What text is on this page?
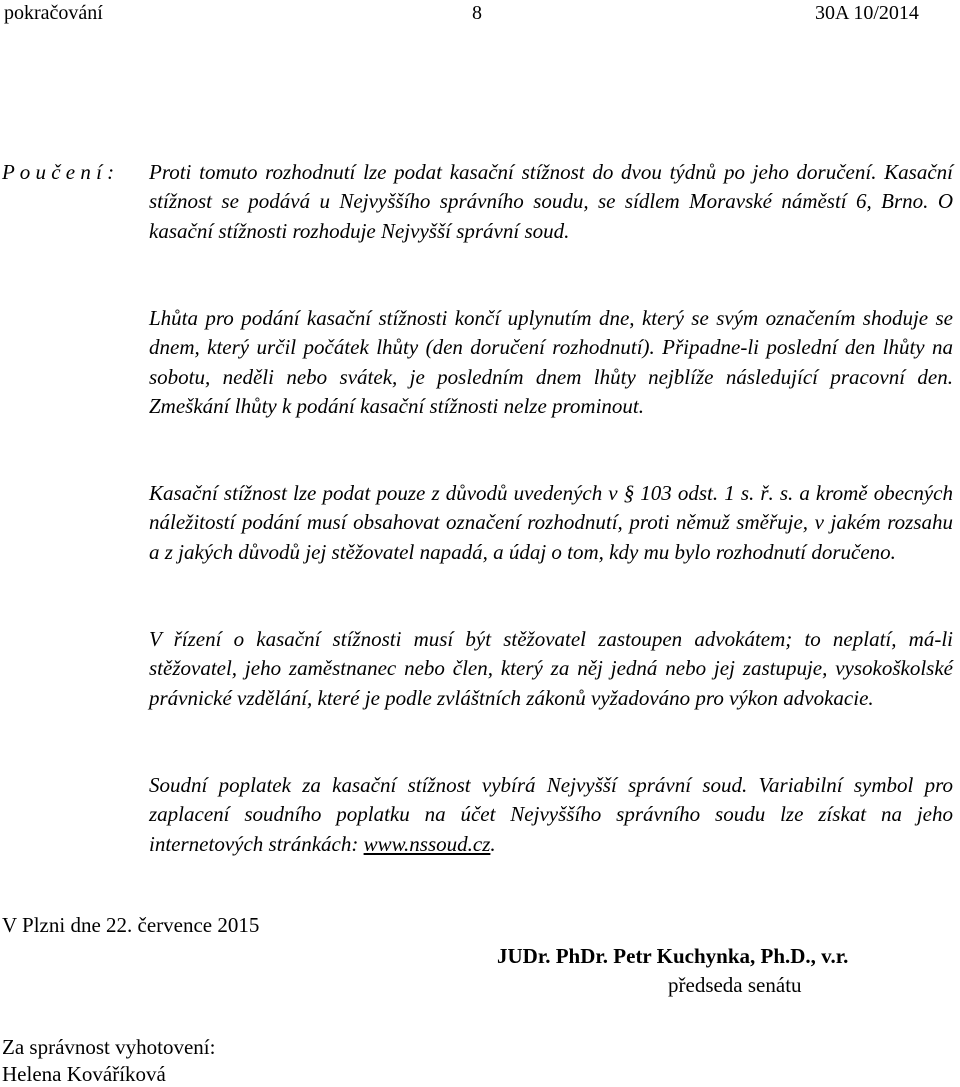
pokračování	8	30A 10/2014
P o u č e n í : Proti tomuto rozhodnutí lze podat kasační stížnost do dvou týdnů po jeho doručení. Kasační stížnost se podává u Nejvyššího správního soudu, se sídlem Moravské náměstí 6, Brno. O kasační stížnosti rozhoduje Nejvyšší správní soud.

Lhůta pro podání kasační stížnosti končí uplynutím dne, který se svým označením shoduje se dnem, který určil počátek lhůty (den doručení rozhodnutí). Připadne-li poslední den lhůty na sobotu, neděli nebo svátek, je posledním dnem lhůty nejblíže následující pracovní den. Zmeškání lhůty k podání kasační stížnosti nelze prominout.

Kasační stížnost lze podat pouze z důvodů uvedených v § 103 odst. 1 s. ř. s. a kromě obecných náležitostí podání musí obsahovat označení rozhodnutí, proti němuž směřuje, v jakém rozsahu a z jakých důvodů jej stěžovatel napadá, a údaj o tom, kdy mu bylo rozhodnutí doručeno.

V řízení o kasační stížnosti musí být stěžovatel zastoupen advokátem; to neplatí, má-li stěžovatel, jeho zaměstnanec nebo člen, který za něj jedná nebo jej zastupuje, vysokoškolské právnické vzdělání, které je podle zvláštních zákonů vyžadováno pro výkon advokacie.

Soudní poplatek za kasační stížnost vybírá Nejvyšší správní soud. Variabilní symbol pro zaplacení soudního poplatku na účet Nejvyššího správního soudu lze získat na jeho internetových stránkách: www.nssoud.cz.

V Plzni dne 22. července 2015
JUDr. PhDr. Petr Kuchynka, Ph.D., v.r.
předseda senátu
Za správnost vyhotovení:
Helena Kováříková
